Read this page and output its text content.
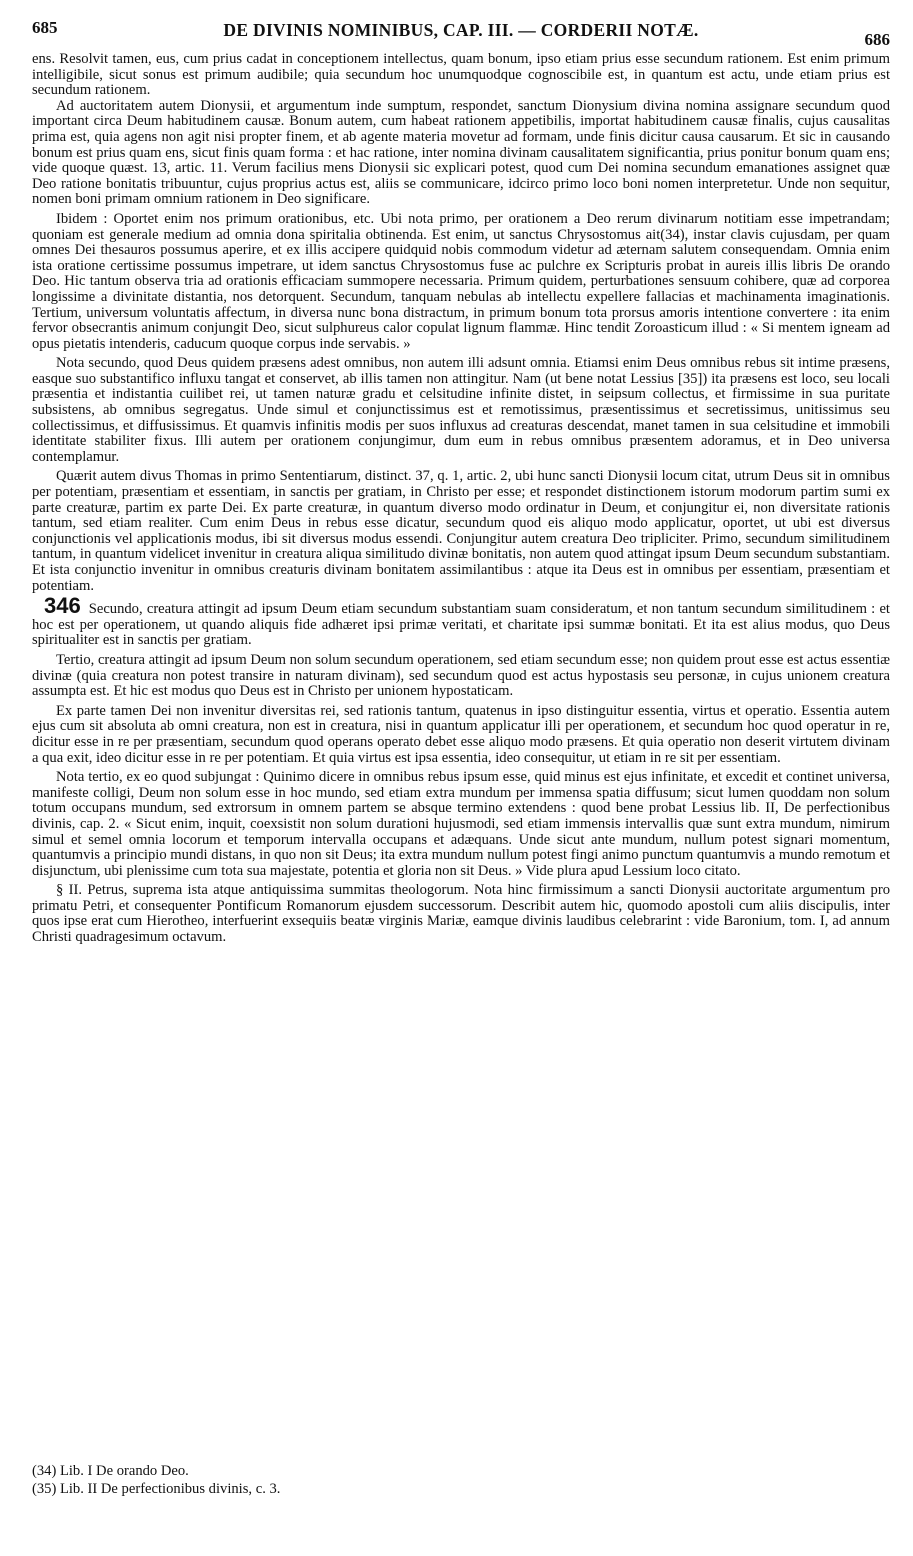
685	DE DIVINIS NOMINIBUS, CAP. III. — CORDERII NOTÆ.	686

ens. Resolvit tamen, eus, cum prius cadat in conceptionem intellectus, quam bonum, ipso etiam prius esse secundum rationem. Est enim primum intelligibile, sicut sonus est primum audibile; quia secundum hoc unumquodque cognoscibile est, in quantum est actu, unde etiam prius est secundum rationem.

Ad auctoritatem autem Dionysii, et argumentum inde sumptum, respondet, sanctum Dionysium divina nomina assignare secundum quod important circa Deum habitudinem causæ. Bonum autem, cum habeat rationem appetibilis, importat habitudinem causæ finalis, cujus causalitas prima est, quia agens non agit nisi propter finem, et ab agente materia movetur ad formam, unde finis dicitur causa causarum. Et sic in causando bonum est prius quam ens, sicut finis quam forma : et hac ratione, inter nomina divinam causalitatem significantia, prius ponitur bonum quam ens; vide quoque quæst. 13, artic. 11. Verum facilius mens Dionysii sic explicari potest, quod cum Dei nomina secundum emanationes assignet quæ Deo ratione bonitatis tribuuntur, cujus proprius actus est, aliis se communicare, idcirco primo loco boni nomen interpretetur. Unde non sequitur, nomen boni primam omnium rationem in Deo significare.

Ibidem : Oportet enim nos primum orationibus, etc. Ubi nota primo, per orationem a Deo rerum divinarum notitiam esse impetrandam; quoniam est generale medium ad omnia dona spiritalia obtinenda. Est enim, ut sanctus Chrysostomus ait(34), instar clavis cujusdam, per quam omnes Dei thesauros possumus aperire, et ex illis accipere quidquid nobis commodum videtur ad æternam salutem consequendam. Omnia enim ista oratione certissime possumus impetrare, ut idem sanctus Chrysostomus fuse ac pulchre ex Scripturis probat in aureis illis libris De orando Deo. Hic tantum observa tria ad orationis efficaciam summopere necessaria. Primum quidem, perturbationes sensuum cohibere, quæ ad corporea longissime a divinitate distantia, nos detorquent. Secundum, tanquam nebulas ab intellectu expellere fallacias et machinamenta imaginationis. Tertium, universum voluntatis affectum, in diversa nunc bona distractum, in primum bonum tota prorsus amoris intentione convertere : ita enim fervor obsecrantis animum conjungit Deo, sicut sulphureus calor copulat lignum flammæ. Hinc tendit Zoroasticum illud : « Si mentem igneam ad opus pietatis intenderis, caducum quoque corpus inde servabis. »

Nota secundo, quod Deus quidem præsens adest omnibus, non autem illi adsunt omnia. Etiamsi enim Deus omnibus rebus sit intime præsens, easque suo substantifico influxu tangat et conservet, ab illis tamen non attingitur. Nam (ut bene notat Lessius [35]) ita præsens est loco, seu locali præsentia et indistantia cuilibet rei, ut tamen naturæ gradu et celsitudine infinite distet, in seipsum collectus, et firmissime in sua puritate subsistens, ab omnibus segregatus. Unde simul et conjunctissimus est et remotissimus, præsentissimus et secretissimus, unitissimus seu collectissimus, et diffusissimus. Et quamvis infinitis modis per suos influxus ad creaturas descendat, manet tamen in sua celsitudine et immobili identitate stabiliter fixus. Illi autem per orationem conjungimur, dum eum in rebus omnibus præsentem adoramus, et in Deo universa contemplamur.

Quærit autem divus Thomas in primo Sententiarum, distinct. 37, q. 1, artic. 2, ubi hunc sancti Dionysii locum citat, utrum Deus sit in omnibus per potentiam, præsentiam et essentiam, in sanctis per gratiam, in Christo per esse; et respondet distinctionem istorum modorum partim sumi ex parte creaturæ, partim ex parte Dei. Ex parte creaturæ, in quantum diverso modo ordinatur in Deum, et conjungitur ei, non diversitate rationis tantum, sed etiam realiter. Cum enim Deus in rebus esse dicatur, secundum quod eis aliquo modo applicatur, oportet, ut ubi est diversus conjunctionis vel applicationis modus, ibi sit diversus modus essendi. Conjungitur autem creatura Deo tripliciter. Primo, secundum similitudinem tantum, in quantum videlicet invenitur in creatura aliqua similitudo divinæ bonitatis, non autem quod attingat ipsum Deum secundum substantiam. Et ista conjunctio invenitur in omnibus creaturis divinam bonitatem assimilantibus : atque ita Deus est in omnibus per essentiam, præsentiam et potentiam.

346 Secundo, creatura attingit ad ipsum Deum etiam secundum substantiam suam consideratum, et non tantum secundum similitudinem : et hoc est per operationem, ut quando aliquis fide adhæret ipsi primæ veritati, et charitate ipsi summæ bonitati. Et ita est alius modus, quo Deus spiritualiter est in sanctis per gratiam.

Tertio, creatura attingit ad ipsum Deum non solum secundum operationem, sed etiam secundum esse; non quidem prout esse est actus essentiæ divinæ (quia creatura non potest transire in naturam divinam), sed secundum quod est actus hypostasis seu personæ, in cujus unionem creatura assumpta est. Et hic est modus quo Deus est in Christo per unionem hypostaticam.

Ex parte tamen Dei non invenitur diversitas rei, sed rationis tantum, quatenus in ipso distinguitur essentia, virtus et operatio. Essentia autem ejus cum sit absoluta ab omni creatura, non est in creatura, nisi in quantum applicatur illi per operationem, et secundum hoc quod operatur in re, dicitur esse in re per præsentiam, secundum quod operans operato debet esse aliquo modo præsens. Et quia operatio non deserit virtutem divinam a qua exit, ideo dicitur esse in re per potentiam. Et quia virtus est ipsa essentia, ideo consequitur, ut etiam in re sit per essentiam.

Nota tertio, ex eo quod subjungat : Quinimo dicere in omnibus rebus ipsum esse, quid minus est ejus infinitate, et excedit et continet universa, manifeste colligi, Deum non solum esse in hoc mundo, sed etiam extra mundum per immensa spatia diffusum; sicut lumen quoddam non solum totum occupans mundum, sed extrorsum in omnem partem se absque termino extendens : quod bene probat Lessius lib. II, De perfectionibus divinis, cap. 2. « Sicut enim, inquit, coexsistit non solum durationi hujusmodi, sed etiam immensis intervallis quæ sunt extra mundum, nimirum simul et semel omnia locorum et temporum intervalla occupans et adæquans. Unde sicut ante mundum, nullum potest signari momentum, quantumvis a principio mundi distans, in quo non sit Deus; ita extra mundum nullum potest fingi animo punctum quantumvis a mundo remotum et disjunctum, ubi plenissime cum tota sua majestate, potentia et gloria non sit Deus. » Vide plura apud Lessium loco citato.

§ II. Petrus, suprema ista atque antiquissima summitas theologorum. Nota hinc firmissimum a sancti Dionysii auctoritate argumentum pro primatu Petri, et consequenter Pontificum Romanorum ejusdem successorum. Describit autem hic, quomodo apostoli cum aliis discipulis, inter quos ipse erat cum Hierotheo, interfuerint exsequiis beatæ virginis Mariæ, eamque divinis laudibus celebrarint : vide Baronium, tom. I, ad annum Christi quadragesimum octavum.

(34) Lib. I De orando Deo.
(35) Lib. II De perfectionibus divinis, c. 3.
